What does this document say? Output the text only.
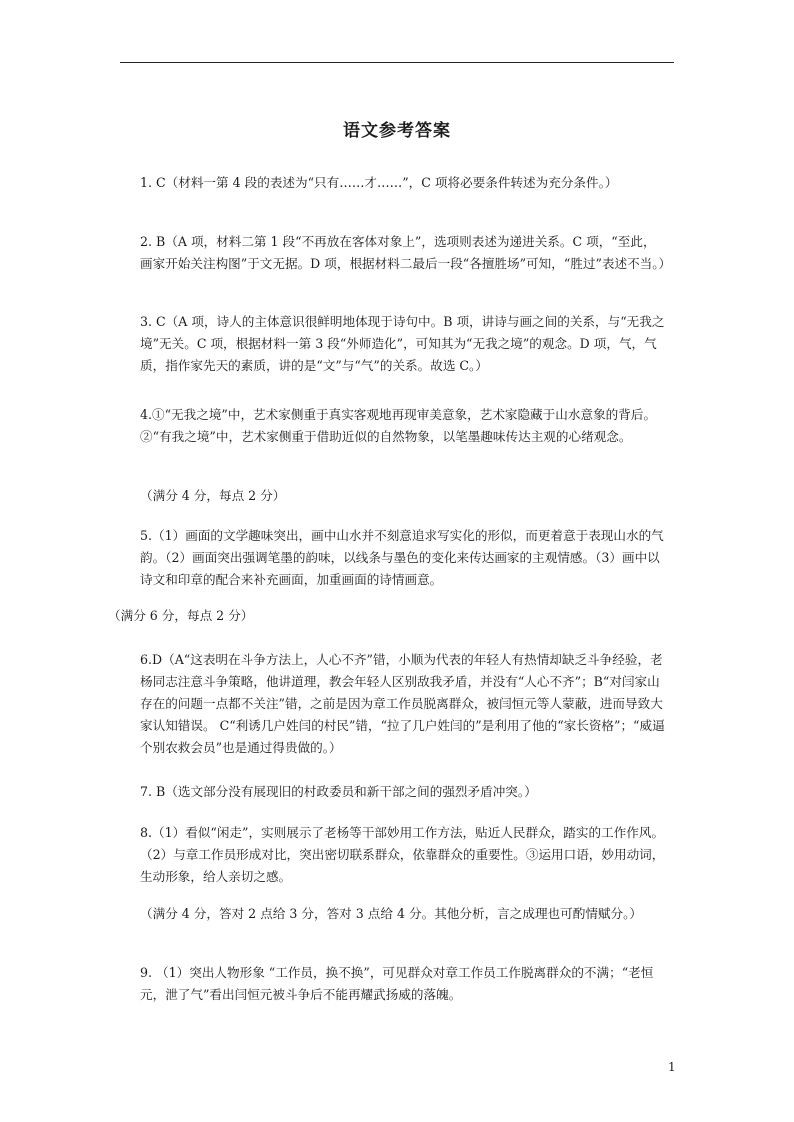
语文参考答案

1. C（材料一第 4 段的表述为“只有……才……”，C 项将必要条件转述为充分条件。）

2. B（A 项，材料二第 1 段“不再放在客体对象上”，选项则表述为递进关系。C 项，“至此，画家开始关注构图”于文无据。D 项，根据材料二最后一段“各擅胜场”可知，“胜过”表述不当。）

3. C（A 项，诗人的主体意识很鲜明地体现于诗句中。B 项，讲诗与画之间的关系，与“无我之境”无关。C 项，根据材料一第 3 段“外师造化”，可知其为“无我之境”的观念。D 项，气，气质，指作家先天的素质，讲的是“文”与“气”的关系。故选 C。）

4.①“无我之境”中，艺术家侧重于真实客观地再现审美意象，艺术家隐藏于山水意象的背后。②“有我之境”中，艺术家侧重于借助近似的自然物象，以笔墨趣味传达主观的心绪观念。

（满分 4 分，每点 2 分）

5.（1）画面的文学趣味突出，画中山水并不刻意追求写实化的形似，而更着意于表现山水的气韵。（2）画面突出强调笔墨的韵味，以线条与墨色的变化来传达画家的主观情感。（3）画中以诗文和印章的配合来补充画面，加重画面的诗情画意。

（满分 6 分，每点 2 分）

6.D（A“这表明在斗争方法上，人心不齐”错，小顺为代表的年轻人有热情却缺乏斗争经验，老杨同志注意斗争策略，他讲道理，教会年轻人区别敌我矛盾，并没有“人心不齐”；B“对闫家山存在的问题一点都不关注”错，之前是因为章工作员脱离群众，被闫恒元等人蒙蔽，进而导致大家认知错误。 C“利诱几户姓闫的村民”错，“拉了几户姓闫的”是利用了他的“家长资格”；“威逼个别农救会员”也是通过得贵做的。）

7. B（选文部分没有展现旧的村政委员和新干部之间的强烈矛盾冲突。）

8.（1）看似“闲走”，实则展示了老杨等干部妙用工作方法，贴近人民群众，踏实的工作作风。（2）与章工作员形成对比，突出密切联系群众，依靠群众的重要性。③运用口语，妙用动词，生动形象，给人亲切之感。

（满分 4 分，答对 2 点给 3 分，答对 3 点给 4 分。其他分析，言之成理也可酌情赋分。）

9. （1）突出人物形象 “工作员，换不换”，可见群众对章工作员工作脱离群众的不满；“老恒元，泄了气”看出闫恒元被斗争后不能再耀武扬威的落魄。

1
